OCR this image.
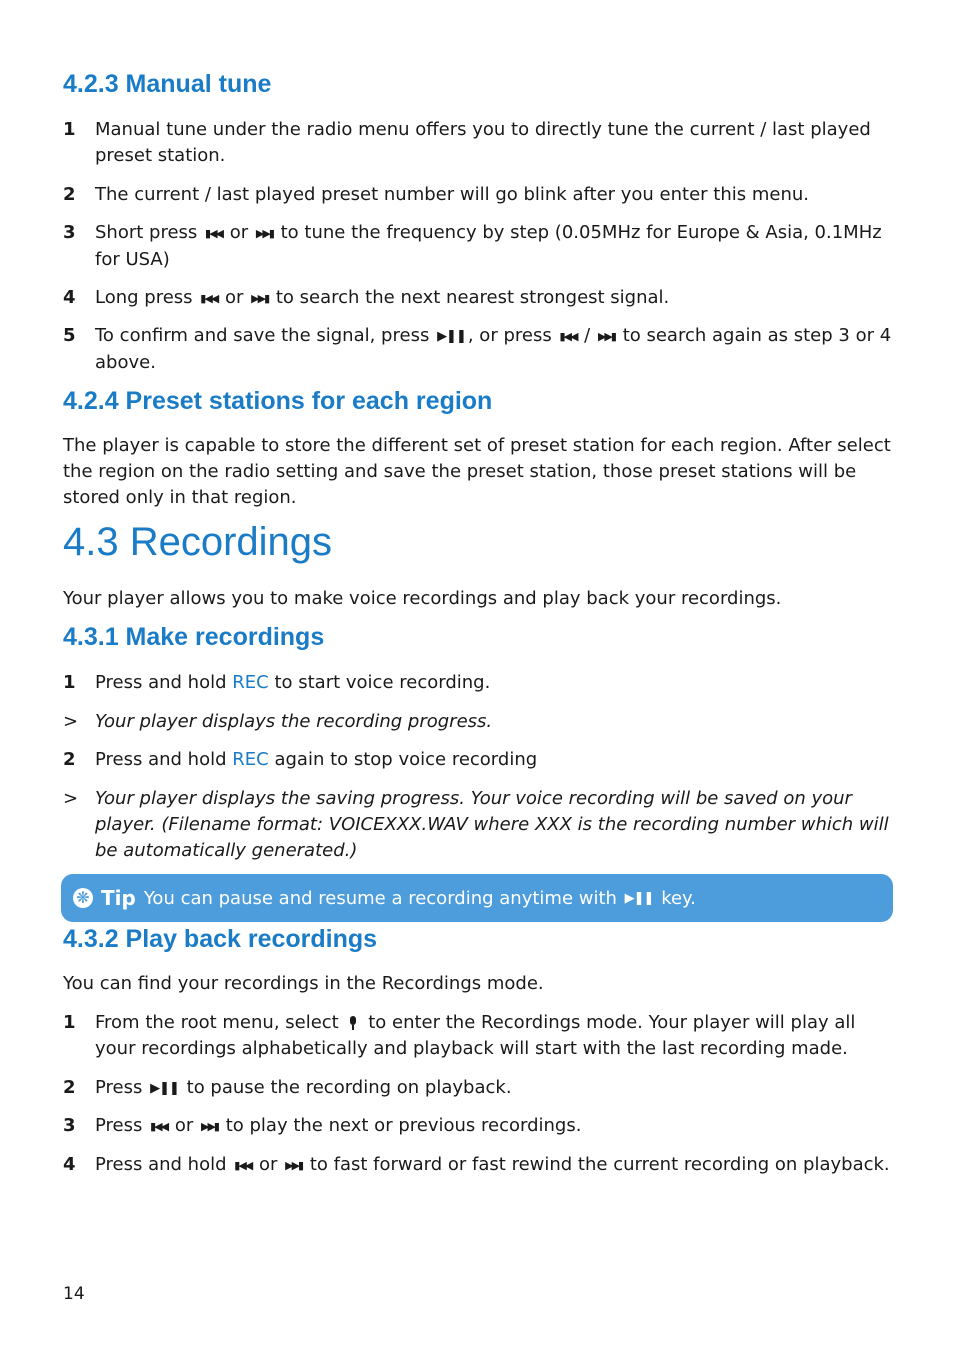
4.2.3 Manual tune
1	Manual tune under the radio menu offers you to directly tune the current / last played preset station.
2	The current / last played preset number will go blink after you enter this menu.
3	Short press ▮◀◀ or ▶▶▮ to tune the frequency by step (0.05MHz for Europe & Asia, 0.1MHz for USA)
4	Long press ▮◀◀ or ▶▶▮ to search the next nearest strongest signal.
5	To confirm and save the signal, press ▶❚❚ , or press ▮◀◀ / ▶▶▮ to search again as step 3 or 4 above.
4.2.4 Preset stations for each region
The player is capable to store the different set of preset station for each region. After select the region on the radio setting and save the preset station, those preset stations will be stored only in that region.
4.3 Recordings
Your player allows you to make voice recordings and play back your recordings.
4.3.1 Make recordings
1	Press and hold REC to start voice recording.
> Your player displays the recording progress.
2	Press and hold REC again to stop voice recording
> Your player displays the saving progress. Your voice recording will be saved on your player. (Filename format: VOICEXXX.WAV where XXX is the recording number which will be automatically generated.)
❋ Tip You can pause and resume a recording anytime with
▶❚❚
key.
4.3.2 Play back recordings
You can find your recordings in the Recordings mode.
1	From the root menu, select to enter the Recordings mode. Your player will play all your recordings alphabetically and playback will start with the last recording made.
2	Press ▶❚❚ to pause the recording on playback.
3	Press ▮◀◀ or ▶▶▮ to play the next or previous recordings.
4	Press and hold ▮◀◀ or ▶▶▮ to fast forward or fast rewind the current recording on playback.
14
